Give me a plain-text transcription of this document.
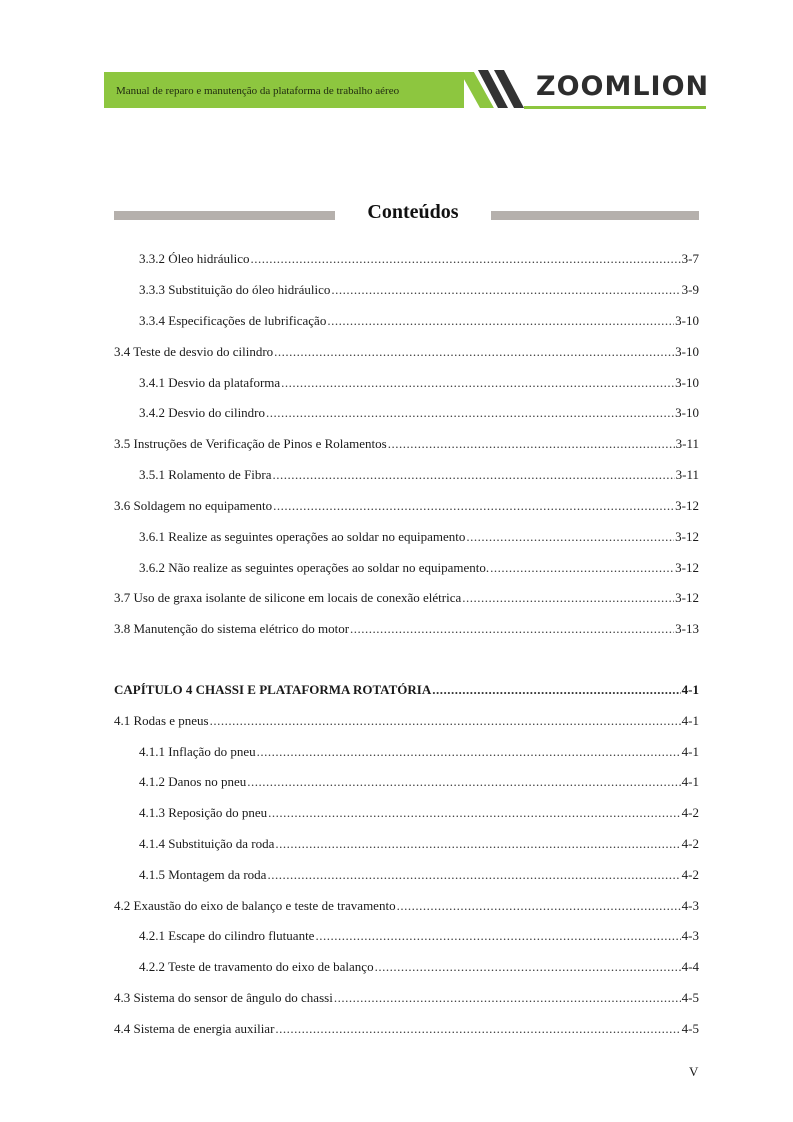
Manual de reparo e manutenção da plataforma de trabalho aéreo	ZOOMLION
Conteúdos
3.3.2 Óleo hidráulico .....	3-7
3.3.3 Substituição do óleo hidráulico .....	3-9
3.3.4 Especificações de lubrificação .....	3-10
3.4 Teste de desvio do cilindro .....	3-10
3.4.1 Desvio da plataforma .....	3-10
3.4.2 Desvio do cilindro .....	3-10
3.5 Instruções de Verificação de Pinos e Rolamentos .....	3-11
3.5.1 Rolamento de Fibra .....	3-11
3.6 Soldagem no equipamento .....	3-12
3.6.1 Realize as seguintes operações ao soldar no equipamento .....	3-12
3.6.2 Não realize as seguintes operações ao soldar no equipamento. .....	3-12
3.7 Uso de graxa isolante de silicone em locais de conexão elétrica .....	3-12
3.8 Manutenção do sistema elétrico do motor .....	3-13
CAPÍTULO 4 CHASSI E PLATAFORMA ROTATÓRIA .....	4-1
4.1 Rodas e pneus .....	4-1
4.1.1 Inflação do pneu .....	4-1
4.1.2 Danos no pneu .....	4-1
4.1.3 Reposição do pneu .....	4-2
4.1.4 Substituição da roda .....	4-2
4.1.5 Montagem da roda .....	4-2
4.2 Exaustão do eixo de balanço e teste de travamento .....	4-3
4.2.1 Escape do cilindro flutuante .....	4-3
4.2.2 Teste de travamento do eixo de balanço .....	4-4
4.3 Sistema do sensor de ângulo do chassi .....	4-5
4.4 Sistema de energia auxiliar .....	4-5
V
